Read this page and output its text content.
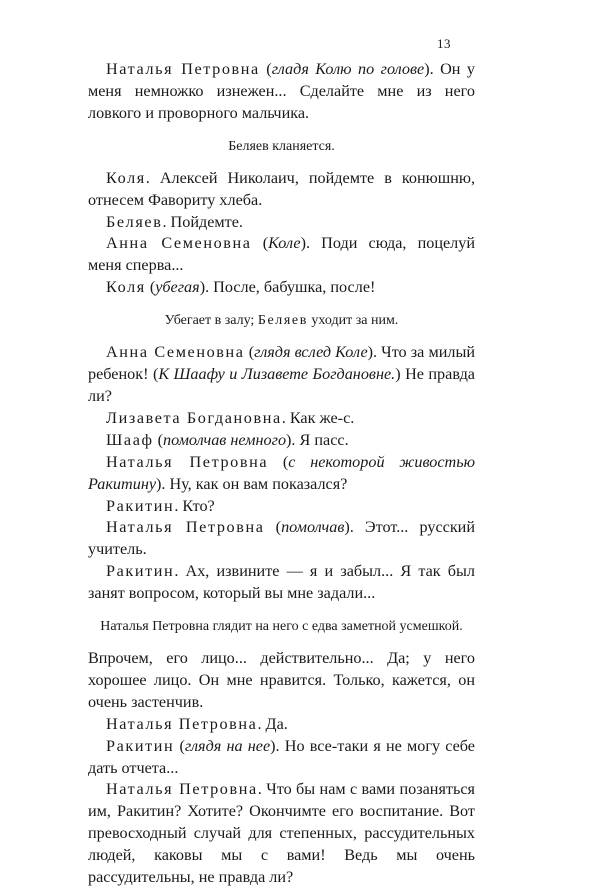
13

Наталья Петровна (гладя Колю по голове). Он у меня немножко изнежен... Сделайте мне из него ловкого и проворного мальчика.

Беляев кланяется.

Коля. Алексей Николаич, пойдемте в конюшню, отнесем Фавориту хлеба.

Беляев. Пойдемте.

Анна Семеновна (Коле). Поди сюда, поцелуй меня сперва...

Коля (убегая). После, бабушка, после!

Убегает в залу; Беляев уходит за ним.

Анна Семеновна (глядя вслед Коле). Что за милый ребенок! (К Шаафу и Лизавете Богдановне.) Не правда ли?

Лизавета Богдановна. Как же-с.

Шааф (помолчав немного). Я пасс.

Наталья Петровна (с некоторой живостью Ракитину). Ну, как он вам показался?

Ракитин. Кто?

Наталья Петровна (помолчав). Этот... русский учитель.

Ракитин. Ах, извините — я и забыл... Я так был занят вопросом, который вы мне задали...

Наталья Петровна глядит на него с едва заметной усмешкой.

Впрочем, его лицо... действительно... Да; у него хорошее лицо. Он мне нравится. Только, кажется, он очень застенчив.

Наталья Петровна. Да.

Ракитин (глядя на нее). Но все-таки я не могу себе дать отчета...

Наталья Петровна. Что бы нам с вами позаняться им, Ракитин? Хотите? Окончимте его воспитание. Вот превосходный случай для степенных, рассудительных людей, каковы мы с вами! Ведь мы очень рассудительны, не правда ли?
